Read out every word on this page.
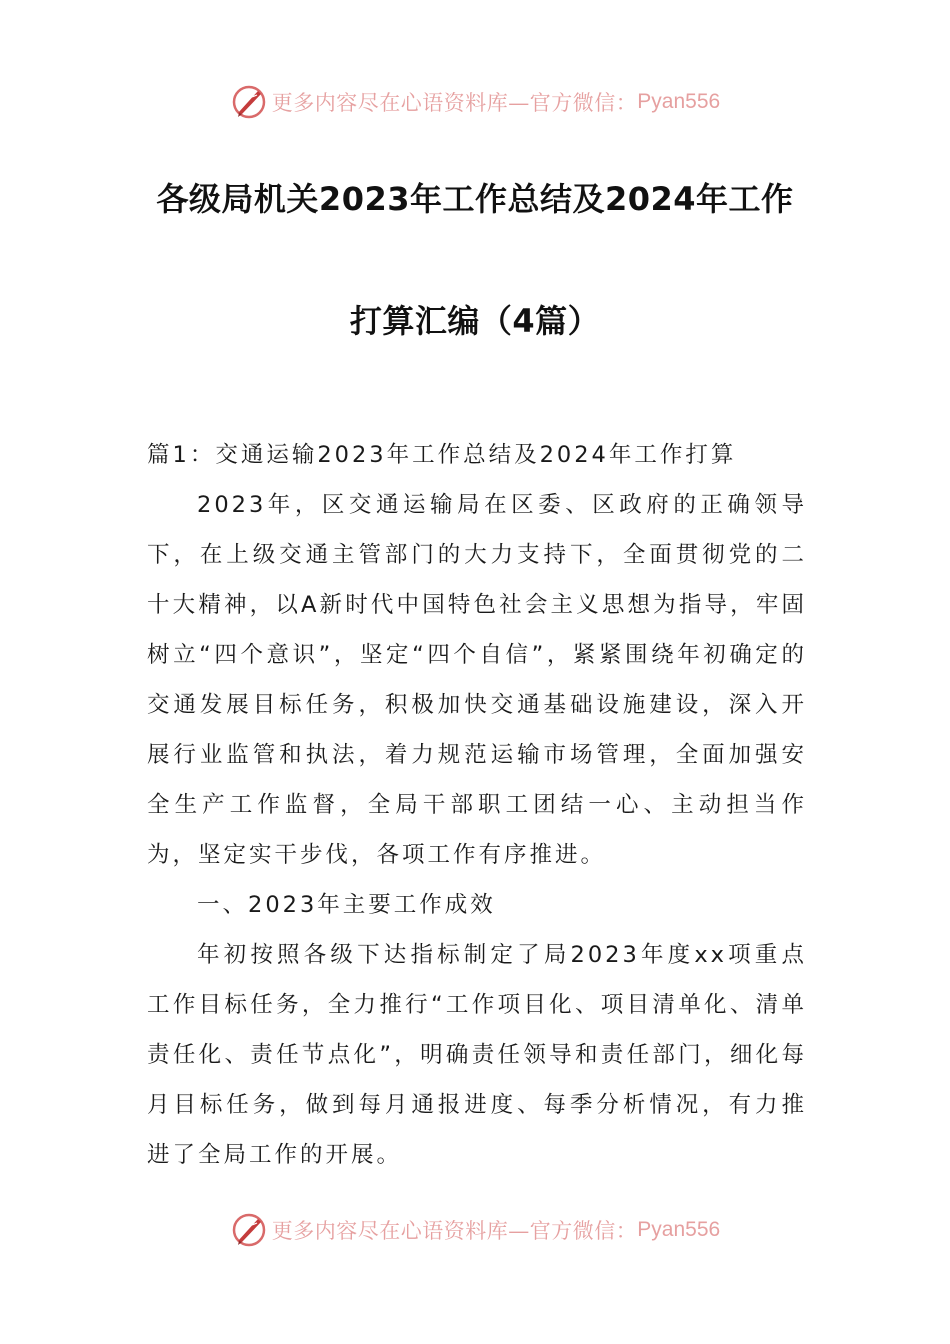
更多内容尽在心语资料库—官方微信： Pyan556
各级局机关2023年工作总结及2024年工作
打算汇编（4篇）

篇1：交通运输2023年工作总结及2024年工作打算

2023年，区交通运输局在区委、区政府的正确领导下，在上级交通主管部门的大力支持下，全面贯彻党的二十大精神，以A新时代中国特色社会主义思想为指导，牢固树立“四个意识”，坚定“四个自信”，紧紧围绕年初确定的交通发展目标任务，积极加快交通基础设施建设，深入开展行业监管和执法，着力规范运输市场管理，全面加强安全生产工作监督，全局干部职工团结一心、主动担当作为，坚定实干步伐，各项工作有序推进。

一、2023年主要工作成效

年初按照各级下达指标制定了局2023年度xx项重点工作目标任务，全力推行“工作项目化、项目清单化、清单责任化、责任节点化”，明确责任领导和责任部门，细化每月目标任务，做到每月通报进度、每季分析情况，有力推进了全局工作的开展。

更多内容尽在心语资料库—官方微信： Pyan556
